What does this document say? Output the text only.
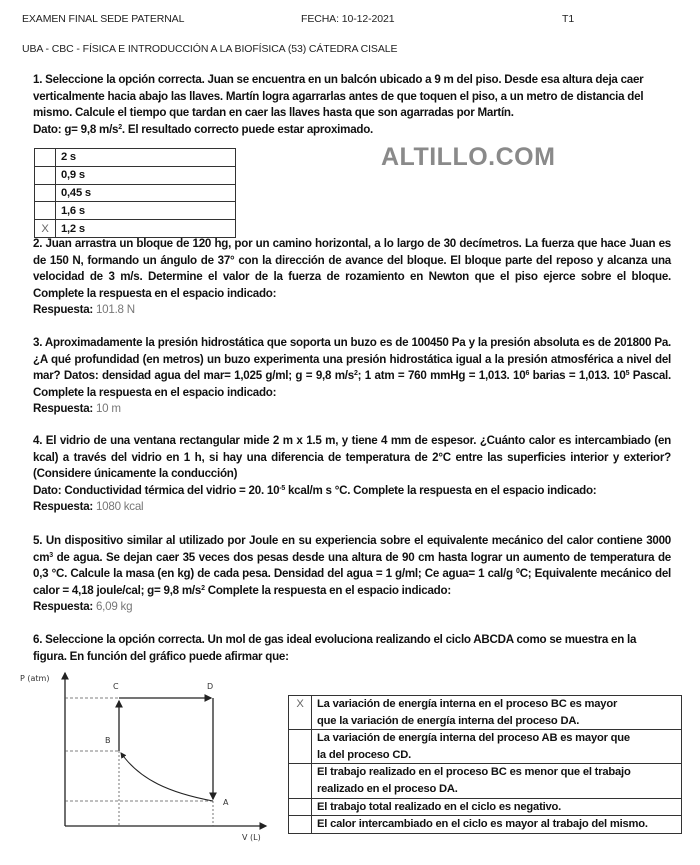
EXAMEN FINAL SEDE PATERNAL	FECHA: 10-12-2021	T1
UBA - CBC - FÍSICA E INTRODUCCIÓN A LA BIOFÍSICA (53) CÁTEDRA CISALE
1. Seleccione la opción correcta. Juan se encuentra en un balcón ubicado a 9 m del piso. Desde esa altura deja caer verticalmente hacia abajo las llaves. Martín logra agarrarlas antes de que toquen el piso, a un metro de distancia del mismo. Calcule el tiempo que tardan en caer las llaves hasta que son agarradas por Martín.
Dato: g= 9,8 $m/s^2$. El resultado correcto puede estar aproximado.
	2 s
	0,9 s
	0,45 s
	1,6 s
X	1,2 s
ALTILLO.COM
2. Juan arrastra un bloque de 120 hg, por un camino horizontal, a lo largo de 30 decímetros. La fuerza que hace Juan es de 150 N, formando un ángulo de 37° con la dirección de avance del bloque. El bloque parte del reposo y alcanza una velocidad de 3 m/s. Determine el valor de la fuerza de rozamiento en Newton que el piso ejerce sobre el bloque. Complete la respuesta en el espacio indicado:
Respuesta: 101.8 N
3. Aproximadamente la presión hidrostática que soporta un buzo es de 100450 Pa y la presión absoluta es de 201800 Pa. ¿A qué profundidad (en metros) un buzo experimenta una presión hidrostática igual a la presión atmosférica a nivel del mar? Datos: densidad agua del mar= 1,025 g/ml; g = 9,8 $m/s^2$; 1 atm = 760 mmHg = 1,013. $10^6$ barias = 1,013. $10^5$ Pascal. Complete la respuesta en el espacio indicado:
Respuesta: 10 m
4. El vidrio de una ventana rectangular mide 2 m x 1.5 m, y tiene 4 mm de espesor. ¿Cuánto calor es intercambiado (en kcal) a través del vidrio en 1 h, si hay una diferencia de temperatura de 2°C entre las superficies interior y exterior? (Considere únicamente la conducción)
Dato: Conductividad térmica del vidrio = 20. $10^{-5}$ kcal/m s °C. Complete la respuesta en el espacio indicado:
Respuesta: 1080 kcal
5. Un dispositivo similar al utilizado por Joule en su experiencia sobre el equivalente mecánico del calor contiene 3000 $cm^3$ de agua. Se dejan caer 35 veces dos pesas desde una altura de 90 cm hasta lograr un aumento de temperatura de 0,3 °C. Calcule la masa (en kg) de cada pesa. Densidad del agua = 1 g/ml; Ce agua= 1 cal/g $^0$C; Equivalente mecánico del calor = 4,18 joule/cal; g= 9,8 $m/s^2$ Complete la respuesta en el espacio indicado:
Respuesta: 6,09 kg
6. Seleccione la opción correcta. Un mol de gas ideal evoluciona realizando el ciclo ABCDA como se muestra en la figura. En función del gráfico puede afirmar que:
P (atm)
V (L)
A
B
C	D
X	La variación de energía interna en el proceso BC es mayor
que la variación de energía interna del proceso DA.
	La variación de energía interna del proceso AB es mayor que
la del proceso CD.
	El trabajo realizado en el proceso BC es menor que el trabajo
realizado en el proceso DA.
	El trabajo total realizado en el ciclo es negativo.
	El calor intercambiado en el ciclo es mayor al trabajo del mismo.
